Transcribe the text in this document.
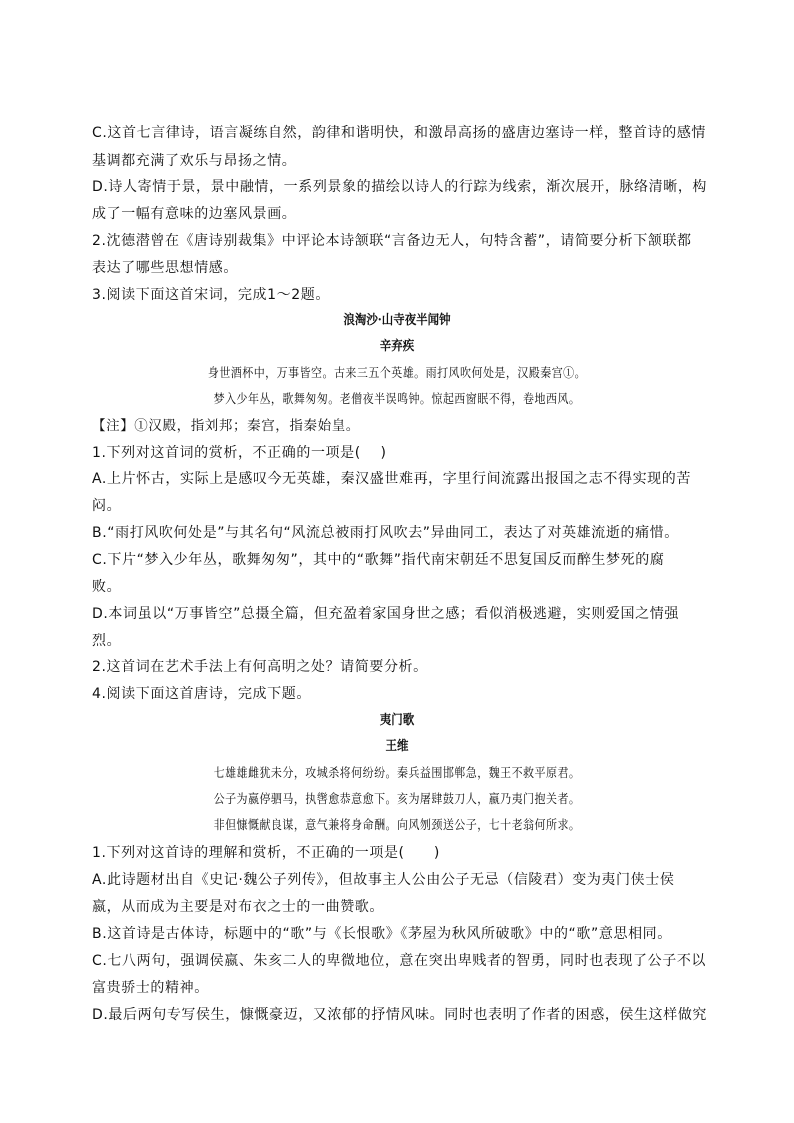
C.这首七言律诗，语言凝练自然，韵律和谐明快，和激昂高扬的盛唐边塞诗一样，整首诗的感情
基调都充满了欢乐与昂扬之情。
D.诗人寄情于景，景中融情，一系列景象的描绘以诗人的行踪为线索，渐次展开，脉络清晰，构
成了一幅有意味的边塞风景画。
2.沈德潜曾在《唐诗别裁集》中评论本诗颔联“言备边无人，句特含蓄”，请简要分析下颔联都
表达了哪些思想情感。
3.阅读下面这首宋词，完成1～2题。
浪淘沙·山寺夜半闻钟
辛弃疾
身世酒杯中，万事皆空。古来三五个英雄。雨打风吹何处是，汉殿秦宫①。
梦入少年丛，歌舞匆匆。老僧夜半误鸣钟。惊起西窗眠不得，卷地西风。
【注】①汉殿，指刘邦；秦宫，指秦始皇。
1.下列对这首词的赏析，不正确的一项是(　 )
A.上片怀古，实际上是感叹今无英雄，秦汉盛世难再，字里行间流露出报国之志不得实现的苦
闷。
B.“雨打风吹何处是”与其名句“风流总被雨打风吹去”异曲同工，表达了对英雄流逝的痛惜。
C.下片“梦入少年丛，歌舞匆匆”，其中的“歌舞”指代南宋朝廷不思复国反而醉生梦死的腐
败。
D.本词虽以“万事皆空”总摄全篇，但充盈着家国身世之感；看似消极逃避，实则爱国之情强
烈。
2.这首词在艺术手法上有何高明之处？请简要分析。
4.阅读下面这首唐诗，完成下题。
夷门歌
王维
七雄雄雌犹未分，攻城杀将何纷纷。秦兵益围邯郸急，魏王不救平原君。
公子为嬴停驷马，执辔愈恭意愈下。亥为屠肆鼓刀人，嬴乃夷门抱关者。
非但慷慨献良谋，意气兼将身命酬。向风刎颈送公子，七十老翁何所求。
1.下列对这首诗的理解和赏析，不正确的一项是(　　)
A.此诗题材出自《史记·魏公子列传》，但故事主人公由公子无忌（信陵君）变为夷门侠士侯
嬴，从而成为主要是对布衣之士的一曲赞歌。
B.这首诗是古体诗，标题中的“歌”与《长恨歌》《茅屋为秋风所破歌》中的“歌”意思相同。
C.七八两句，强调侯嬴、朱亥二人的卑微地位，意在突出卑贱者的智勇，同时也表现了公子不以
富贵骄士的精神。
D.最后两句专写侯生，慷慨豪迈，又浓郁的抒情风味。同时也表明了作者的困惑，侯生这样做究
